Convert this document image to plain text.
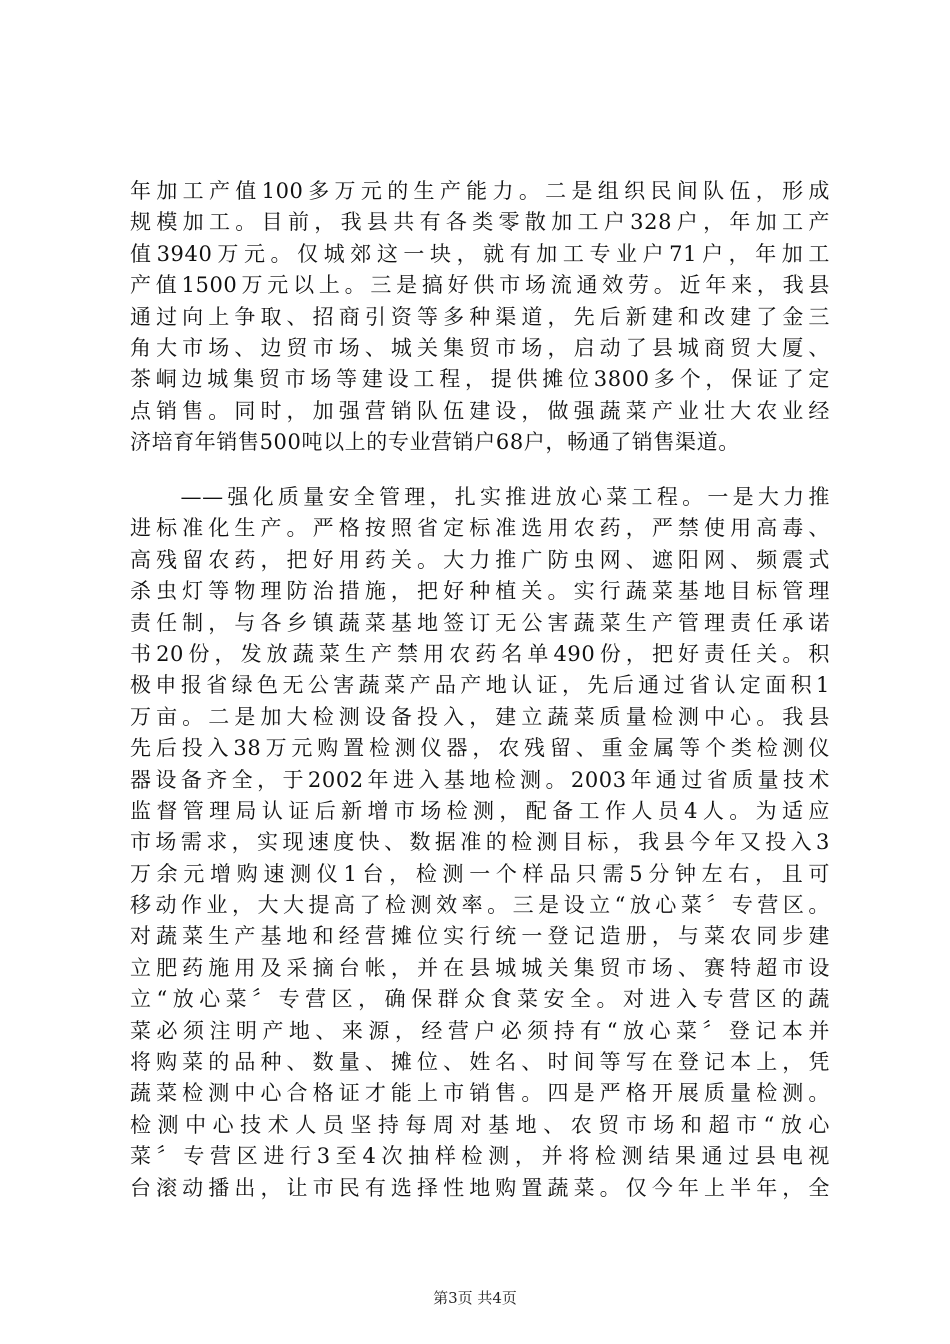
年加工产值100多万元的生产能力。二是组织民间队伍，形成
规模加工。目前，我县共有各类零散加工户328户，年加工产
值3940万元。仅城郊这一块，就有加工专业户71户，年加工
产值1500万元以上。三是搞好供市场流通效劳。近年来，我县
通过向上争取、招商引资等多种渠道，先后新建和改建了金三
角大市场、边贸市场、城关集贸市场，启动了县城商贸大厦、
茶峒边城集贸市场等建设工程，提供摊位3800多个，保证了定
点销售。同时，加强营销队伍建设，做强蔬菜产业壮大农业经
济培育年销售500吨以上的专业营销户68户，畅通了销售渠道。
　　——强化质量安全管理，扎实推进放心菜工程。一是大力推
进标准化生产。严格按照省定标准选用农药，严禁使用高毒、
高残留农药，把好用药关。大力推广防虫网、遮阳网、频震式
杀虫灯等物理防治措施，把好种植关。实行蔬菜基地目标管理
责任制，与各乡镇蔬菜基地签订无公害蔬菜生产管理责任承诺
书20份，发放蔬菜生产禁用农药名单490份，把好责任关。积
极申报省绿色无公害蔬菜产品产地认证，先后通过省认定面积1
万亩。二是加大检测设备投入，建立蔬菜质量检测中心。我县
先后投入38万元购置检测仪器，农残留、重金属等个类检测仪
器设备齐全，于2002年进入基地检测。2003年通过省质量技术
监督管理局认证后新增市场检测，配备工作人员4人。为适应
市场需求，实现速度快、数据准的检测目标，我县今年又投入3
万余元增购速测仪1台，检测一个样品只需5分钟左右，且可
移动作业，大大提高了检测效率。三是设立“放心菜〞专营区。
对蔬菜生产基地和经营摊位实行统一登记造册，与菜农同步建
立肥药施用及采摘台帐，并在县城城关集贸市场、赛特超市设
立“放心菜〞专营区，确保群众食菜安全。对进入专营区的蔬
菜必须注明产地、来源，经营户必须持有“放心菜〞登记本并
将购菜的品种、数量、摊位、姓名、时间等写在登记本上，凭
蔬菜检测中心合格证才能上市销售。四是严格开展质量检测。
检测中心技术人员坚持每周对基地、农贸市场和超市“放心
菜〞专营区进行3至4次抽样检测，并将检测结果通过县电视
台滚动播出，让市民有选择性地购置蔬菜。仅今年上半年，全
第3页 共4页
